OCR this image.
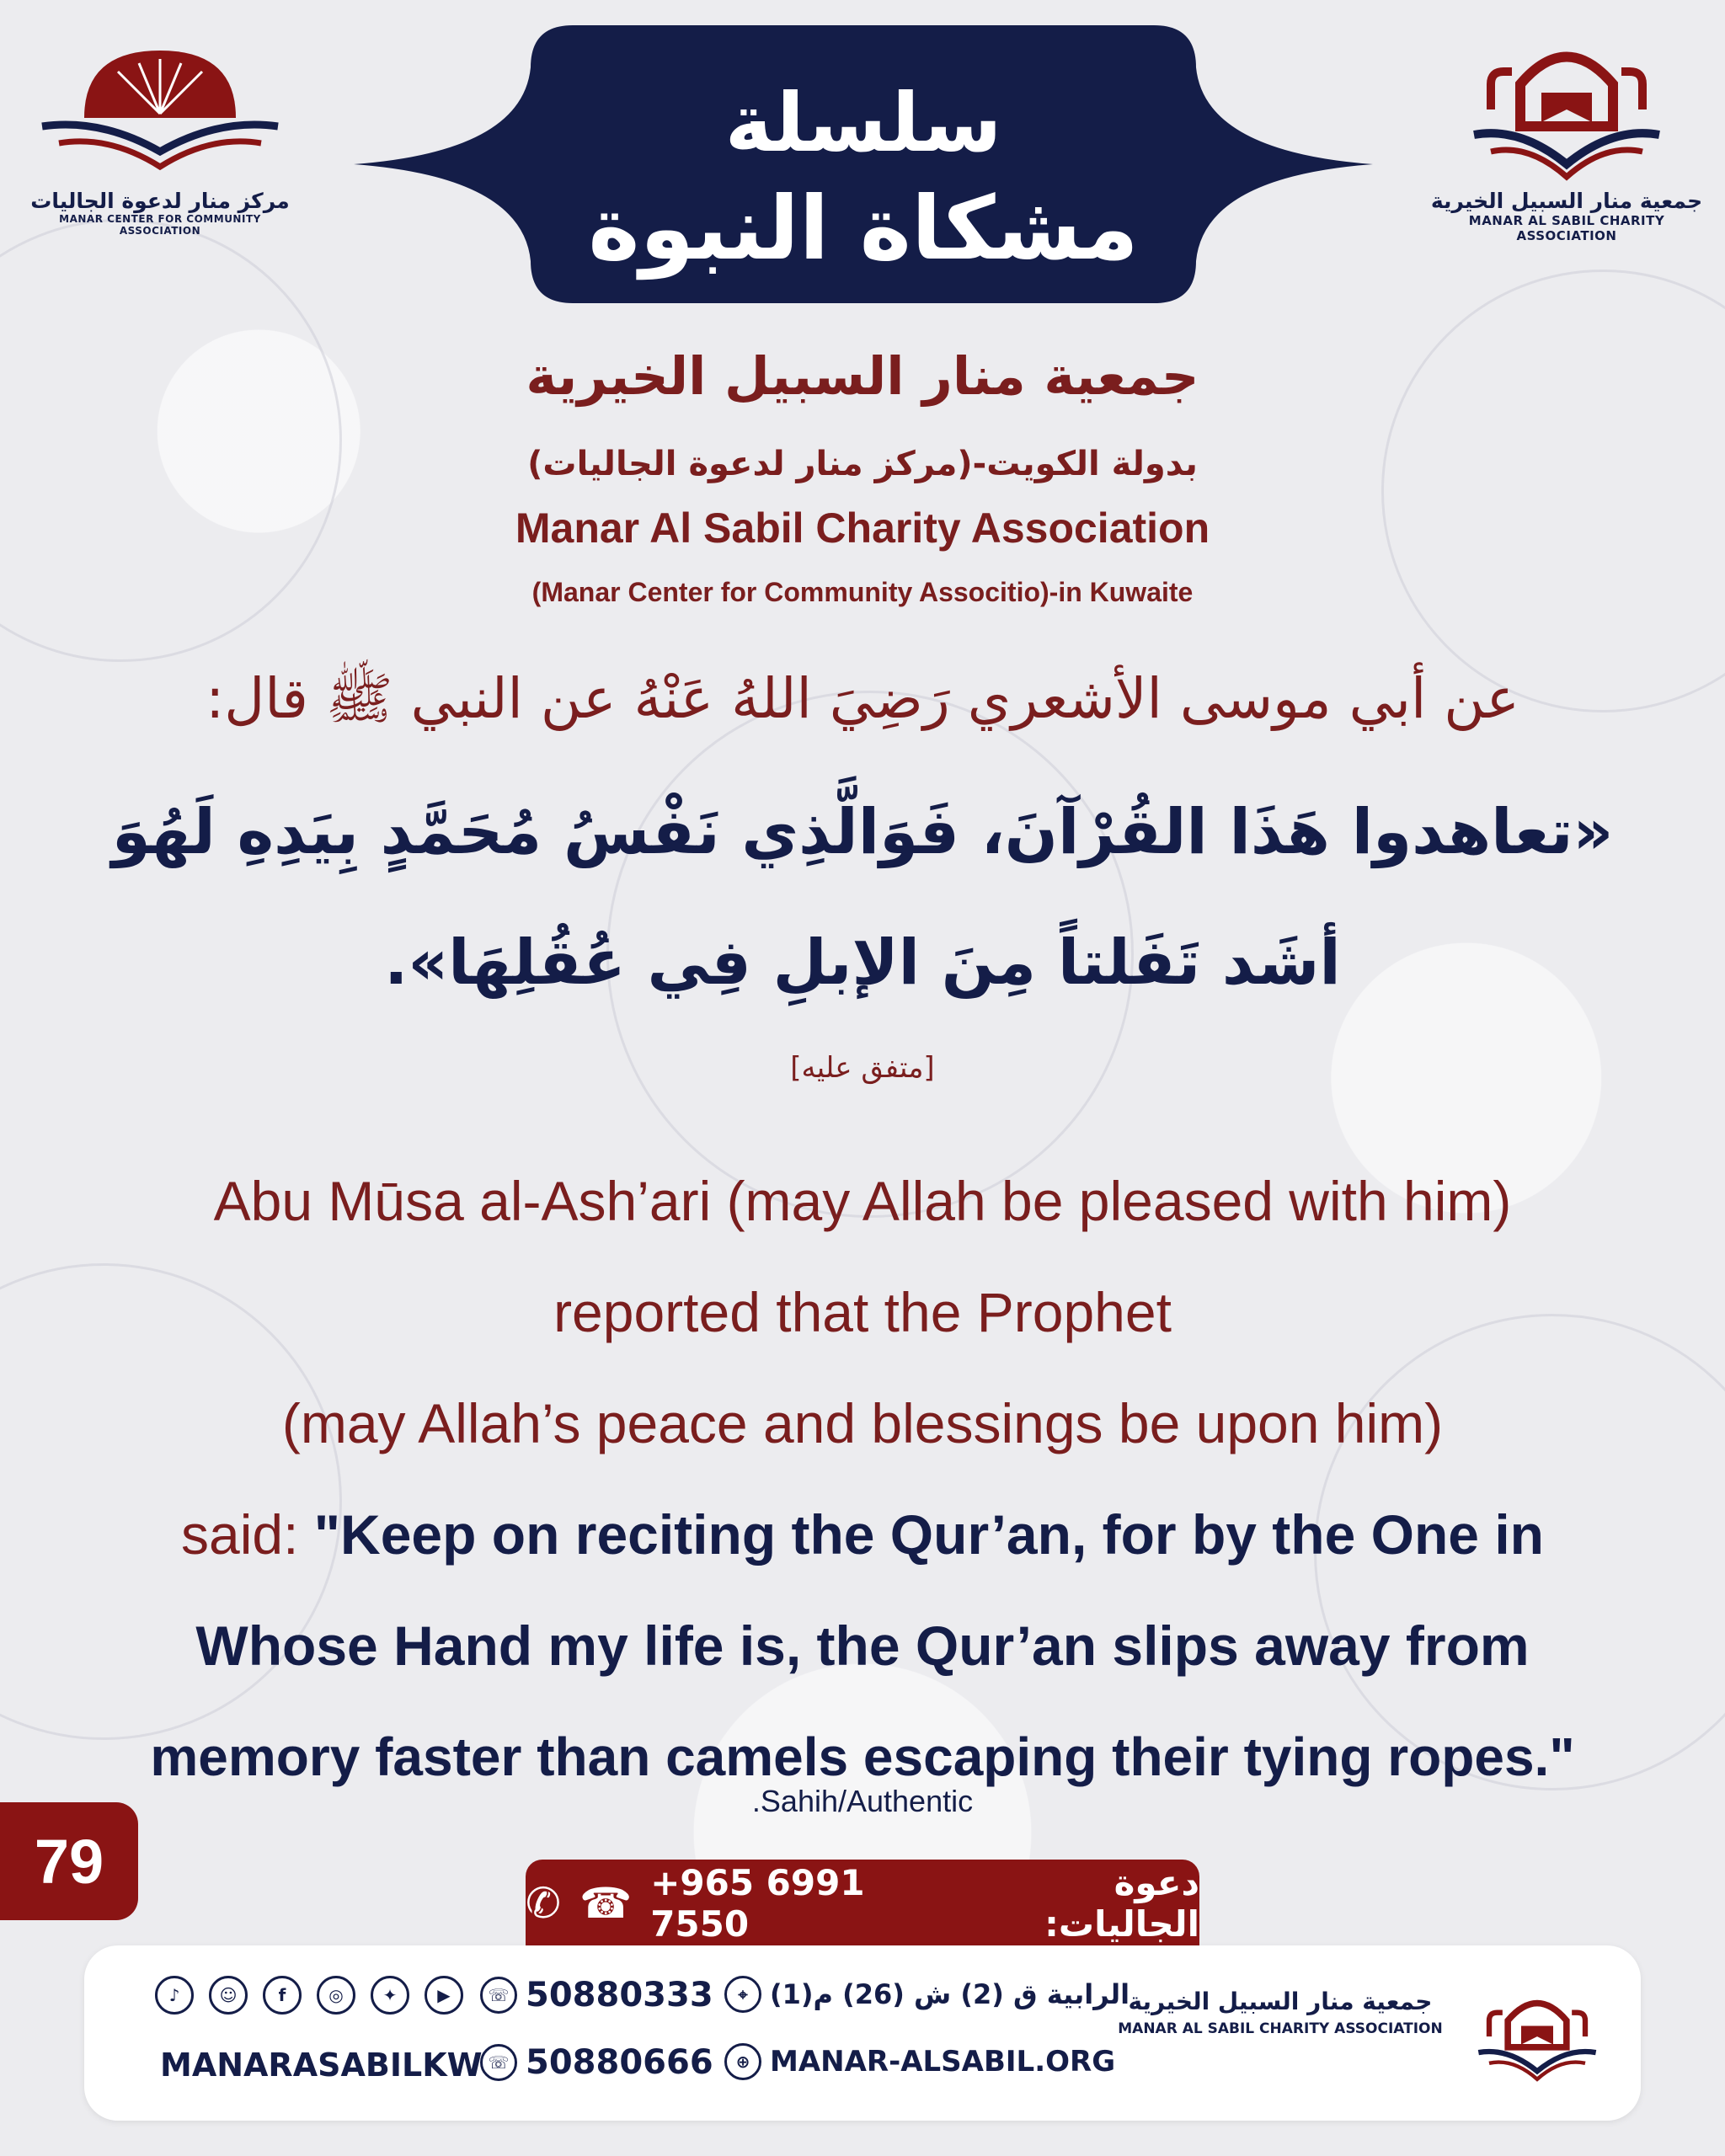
مركز منار لدعوة الجاليات
MANAR CENTER FOR COMMUNITY ASSOCIATION
جمعية منار السبيل الخيرية
MANAR AL SABIL CHARITY ASSOCIATION
سلسلة
مشكاة النبوة
جمعية منار السبيل الخيرية
(مركز منار لدعوة الجاليات)-بدولة الكويت
Manar Al Sabil Charity Association
(Manar Center for Community Associtio)-in Kuwaite
عن أبي موسى الأشعري رَضِيَ اللهُ عَنْهُ عن النبي ﷺ قال:
«تعاهدوا هَذَا القُرْآنَ، فَوَالَّذِي نَفْسُ مُحَمَّدٍ بِيَدِهِ لَهُوَ
أشَد تَفَلتاً مِنَ الإبلِ فِي عُقُلِهَا».
[متفق عليه]
Abu Mūsa al-Ash’ari (may Allah be pleased with him)
reported that the Prophet
(may Allah’s peace and blessings be upon him)
said: "Keep on reciting the Qur’an, for by the One in
Whose Hand my life is, the Qur’an slips away from
memory faster than camels escaping their tying ropes."
.Sahih/Authentic
79
✆ ☎ +965 6991 7550
دعوة الجاليات:
♪	☺	f	◎	✦	▶
MANARASABILKW
☏ 50880333
☏ 50880666
الرابية ق (2) ش (26) م(1)
⌖
⊕ MANAR-ALSABIL.ORG
جمعية منار السبيل الخيرية
MANAR AL SABIL CHARITY ASSOCIATION
